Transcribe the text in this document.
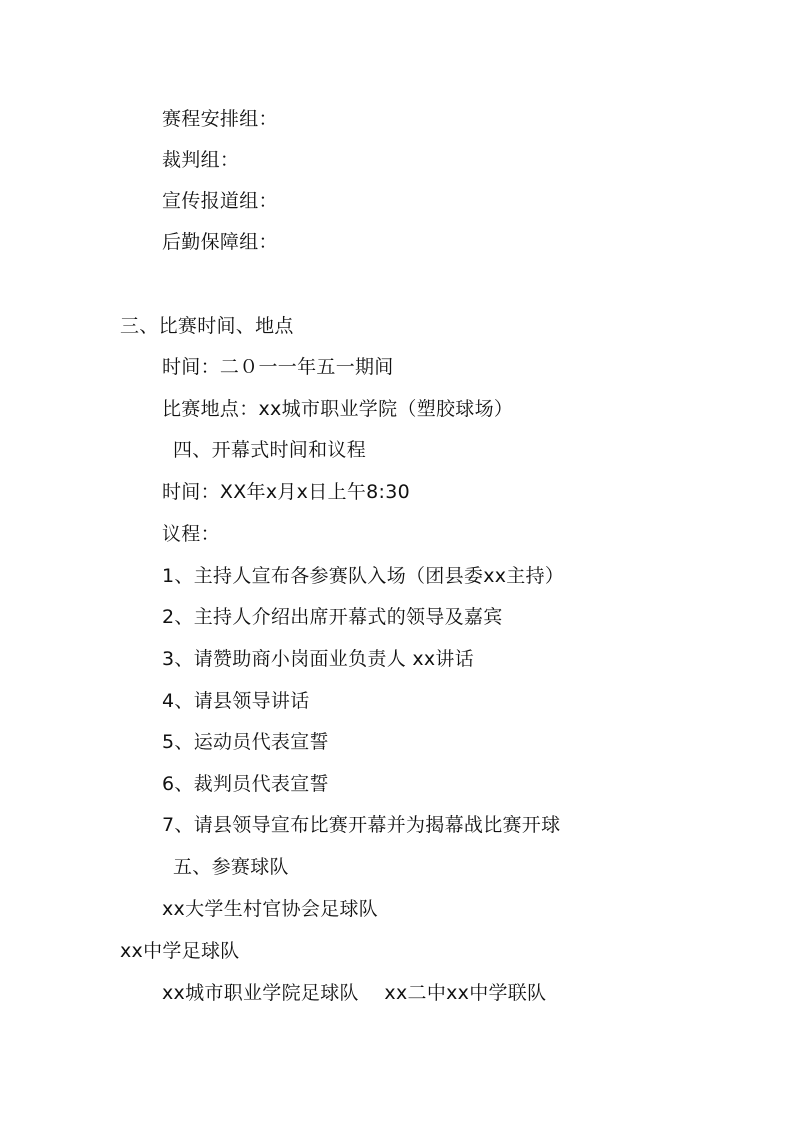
赛程安排组：
裁判组：
宣传报道组：
后勤保障组：
三、比赛时间、地点
时间：二０一一年五一期间
比赛地点：xx城市职业学院（塑胶球场）
四、开幕式时间和议程
时间：XX年x月x日上午8:30
议程：
1、主持人宣布各参赛队入场（团县委xx主持）
2、主持人介绍出席开幕式的领导及嘉宾
3、请赞助商小岗面业负责人 xx讲话
4、请县领导讲话
5、运动员代表宣誓
6、裁判员代表宣誓
7、请县领导宣布比赛开幕并为揭幕战比赛开球
五、参赛球队
xx大学生村官协会足球队
xx中学足球队
xx城市职业学院足球队　 xx二中xx中学联队
